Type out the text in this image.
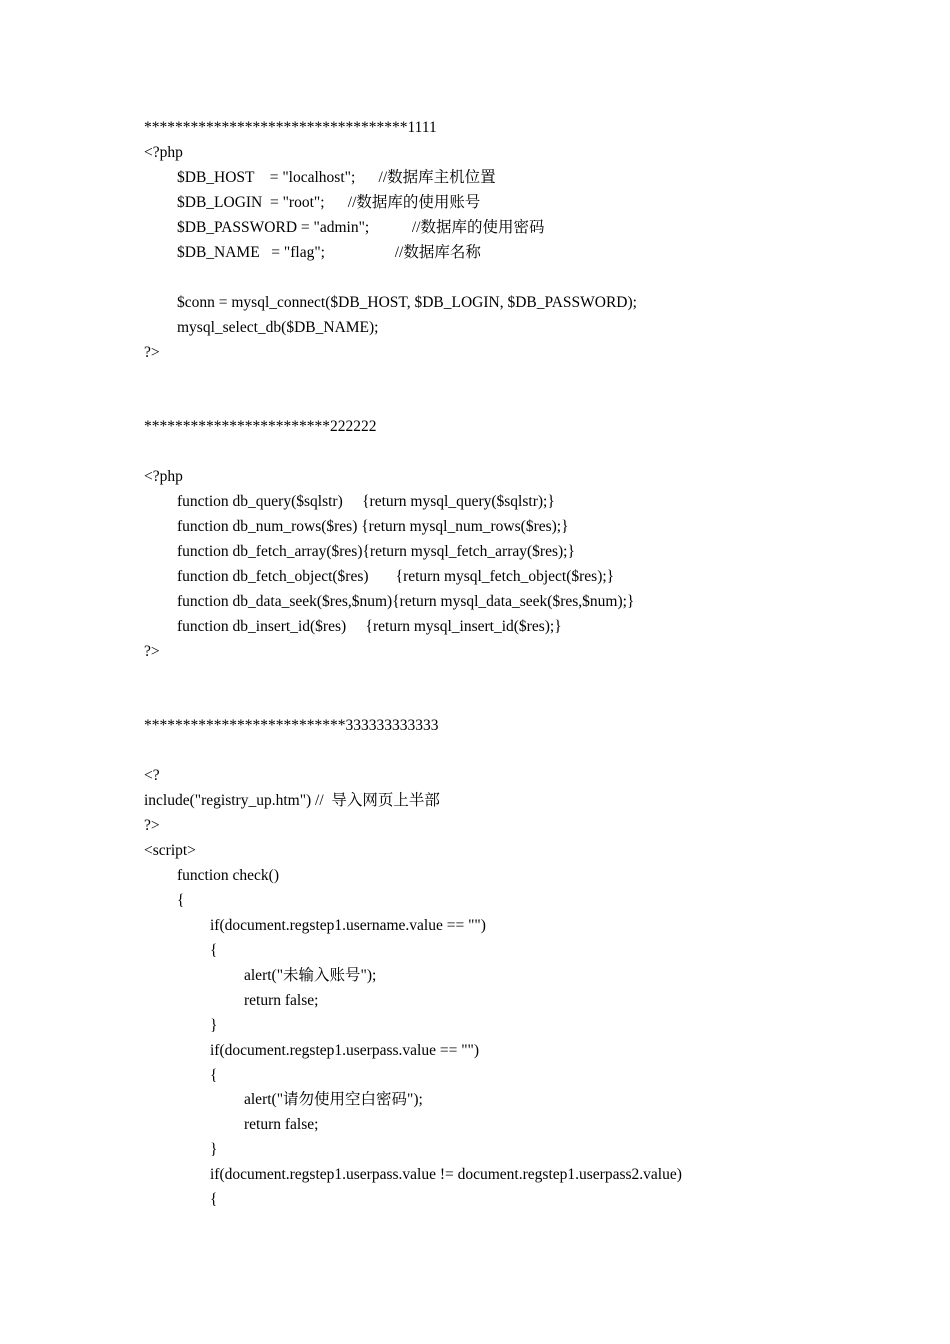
**********************************1111
<?php
$DB_HOST    = "localhost";      //数据库主机位置
$DB_LOGIN  = "root";      //数据库的使用账号
$DB_PASSWORD = "admin";           //数据库的使用密码
$DB_NAME   = "flag";                  //数据库名称
$conn = mysql_connect($DB_HOST, $DB_LOGIN, $DB_PASSWORD);
mysql_select_db($DB_NAME);
?>
************************222222
<?php
function db_query($sqlstr)     {return mysql_query($sqlstr);}
function db_num_rows($res) {return mysql_num_rows($res);}
function db_fetch_array($res){return mysql_fetch_array($res);}
function db_fetch_object($res)       {return mysql_fetch_object($res);}
function db_data_seek($res,$num){return mysql_data_seek($res,$num);}
function db_insert_id($res)     {return mysql_insert_id($res);}
?>
**************************333333333333
<?
include("registry_up.htm") //  导入网页上半部
?>
<script>
function check()
{
if(document.regstep1.username.value == "")
{
alert("未输入账号");
return false;
}
if(document.regstep1.userpass.value == "")
{
alert("请勿使用空白密码");
return false;
}
if(document.regstep1.userpass.value != document.regstep1.userpass2.value)
{
